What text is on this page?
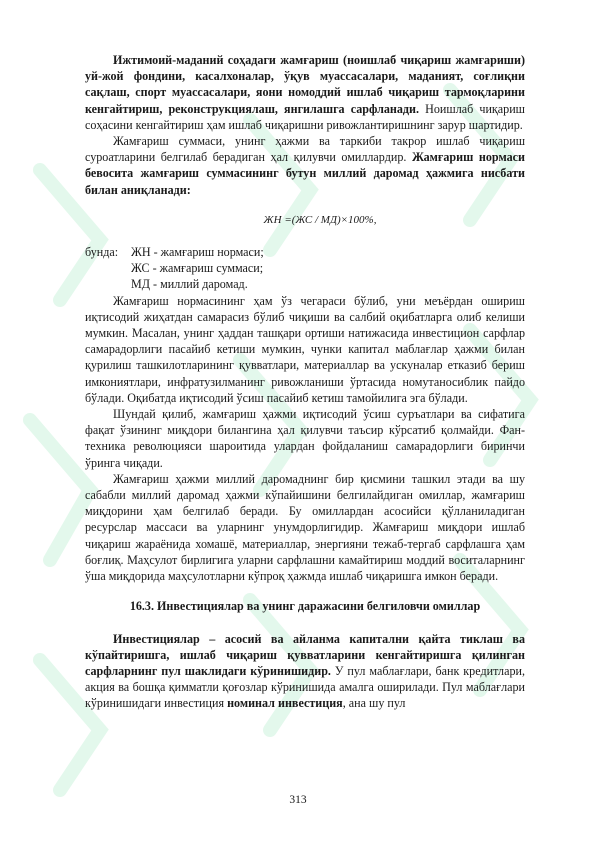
Ижтимоий-маданий соҳадаги жамғариш (ноишлаб чиқариш жамғариши) уй-жой фондини, касалхоналар, ўқув муассасалари, маданият, соғлиқни сақлаш, спорт муассасалари, яони номоддий ишлаб чиқариш тармоқларини кенгайтириш, реконструкциялаш, янгилашга сарфланади. Ноишлаб чиқариш соҳасини кенгайтириш ҳам ишлаб чиқаришни ривожлантиришнинг зарур шартидир.

Жамғариш суммаси, унинг ҳажми ва таркиби такрор ишлаб чиқариш суроатларини белгилаб берадиган ҳал қилувчи омиллардир. Жамғариш нормаси бевосита жамғариш суммасининг бутун миллий даромад ҳажмига нисбати билан аниқланади:

ЖН =(ЖС / МД)×100%,
бунда:	ЖН - жамғариш нормаси;
ЖС - жамғариш суммаси;
МД - миллий даромад.

Жамғариш нормасининг ҳам ўз чегараси бўлиб, уни меъёрдан ошириш иқтисодий жиҳатдан самарасиз бўлиб чиқиши ва салбий оқибатларга олиб келиши мумкин. Масалан, унинг ҳаддан ташқари ортиши натижасида инвестицион сарфлар самарадорлиги пасайиб кетиши мумкин, чунки капитал маблағлар ҳажми билан қурилиш ташкилотларининг қувватлари, материаллар ва ускуналар етказиб бериш имкониятлари, инфратузилманинг ривожланиши ўртасида номутаносиблик пайдо бўлади. Оқибатда иқтисодий ўсиш пасайиб кетиш тамойилига эга бўлади.

Шундай қилиб, жамғариш ҳажми иқтисодий ўсиш суръатлари ва сифатига фақат ўзининг миқдори билангина ҳал қилувчи таъсир кўрсатиб қолмайди. Фан-техника революцияси шароитида улардан фойдаланиш самарадорлиги биринчи ўринга чиқади.

Жамғариш ҳажми миллий даромаднинг бир қисмини ташкил этади ва шу сабабли миллий даромад ҳажми кўпайишини белгилайдиган омиллар, жамғариш миқдорини ҳам белгилаб беради. Бу омиллардан асосийси қўлланиладиган ресурслар массаси ва уларнинг унумдорлигидир. Жамғариш миқдори ишлаб чиқариш жараёнида хомашё, материаллар, энергияни тежаб-тергаб сарфлашга ҳам боғлиқ. Маҳсулот бирлигига уларни сарфлашни камайтириш моддий воситаларнинг ўша миқдорида маҳсулотларни кўпроқ ҳажмда ишлаб чиқаришга имкон беради.

16.3. Инвестициялар ва унинг даражасини белгиловчи омиллар

Инвестициялар – асосий ва айланма капитални қайта тиклаш ва кўпайтиришга, ишлаб чиқариш қувватларини кенгайтиришга қилинган сарфларнинг пул шаклидаги кўринишидир. У пул маблағлари, банк кредитлари, акция ва бошқа қимматли қоғозлар кўринишида амалга оширилади. Пул маблағлари кўринишидаги инвестиция номинал инвестиция, ана шу пул

313
